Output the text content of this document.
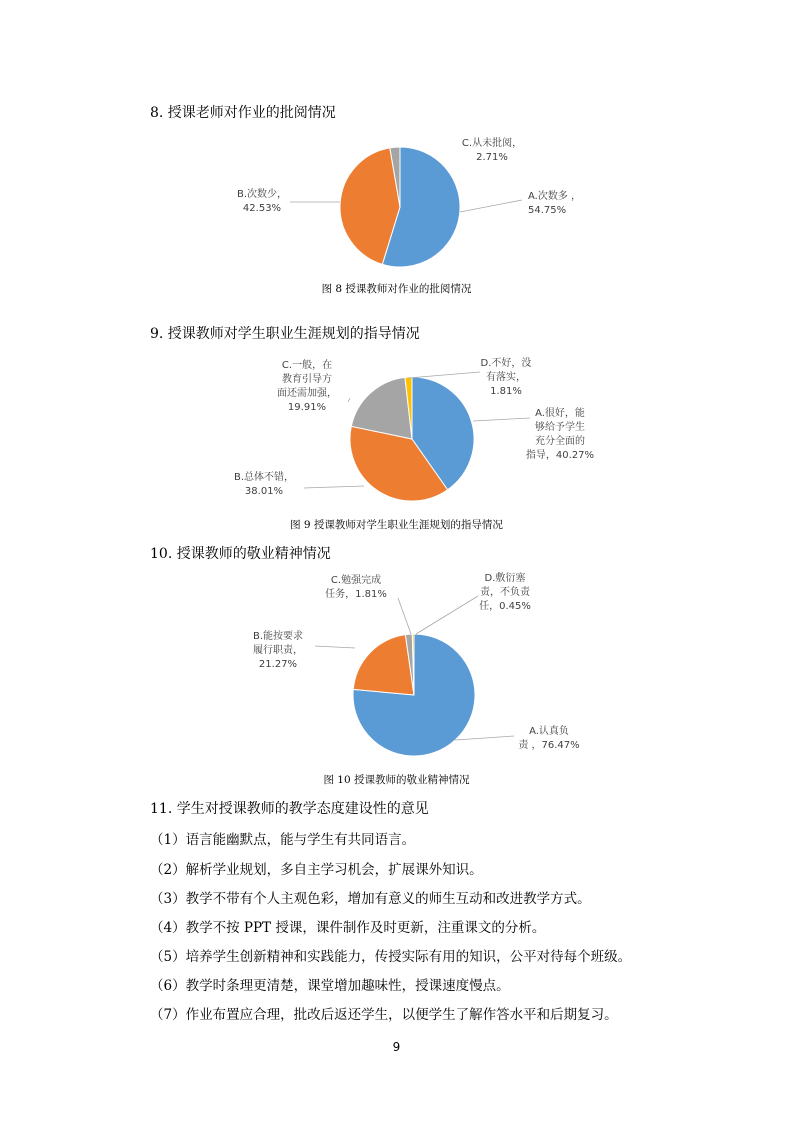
8. 授课老师对作业的批阅情况
A.次数多 ， 54.75%
B.次数少， 42.53%
C.从未批阅， 2.71%
图 8 授课教师对作业的批阅情况
9. 授课教师对学生职业生涯规划的指导情况
A.很好，能够给予学生充分全面的指导，40.27%
B.总体不错， 38.01%
C.一般，在教育引导方面还需加强， 19.91%
D.不好，没有落实， 1.81%
图 9 授课教师对学生职业生涯规划的指导情况
10. 授课教师的敬业精神情况
A.认真负责 ，76.47%
B.能按要求履行职责， 21.27%
C.勉强完成任务，1.81%
D.敷衍塞责，不负责任，0.45%
图 10 授课教师的敬业精神情况
11. 学生对授课教师的教学态度建设性的意见
（1）语言能幽默点，能与学生有共同语言。
（2）解析学业规划，多自主学习机会，扩展课外知识。
（3）教学不带有个人主观色彩，增加有意义的师生互动和改进教学方式。
（4）教学不按 PPT 授课，课件制作及时更新，注重课文的分析。
（5）培养学生创新精神和实践能力，传授实际有用的知识，公平对待每个班级。
（6）教学时条理更清楚，课堂增加趣味性，授课速度慢点。
（7）作业布置应合理，批改后返还学生，以便学生了解作答水平和后期复习。
9
